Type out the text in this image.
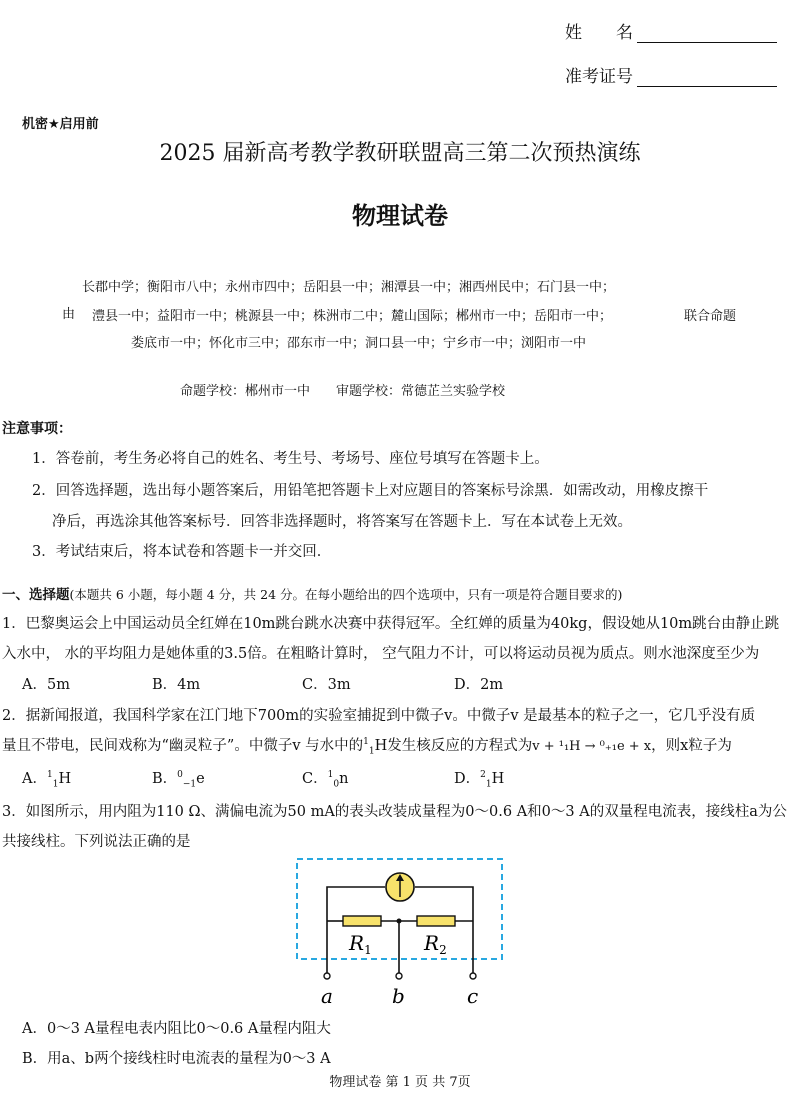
姓　　名
准考证号
机密★启用前
2025 届新高考教学教研联盟高三第二次预热演练
物理试卷
长郡中学；衡阳市八中；永州市四中；岳阳县一中；湘潭县一中；湘西州民中；石门县一中；
由 澧县一中；益阳市一中；桃源县一中；株洲市二中；麓山国际；郴州市一中；岳阳市一中；	联合命题
娄底市一中；怀化市三中；邵东市一中；洞口县一中；宁乡市一中；浏阳市一中
命题学校：郴州市一中　　审题学校：常德芷兰实验学校
注意事项：
1．答卷前，考生务必将自己的姓名、考生号、考场号、座位号填写在答题卡上。
2．回答选择题，选出每小题答案后，用铅笔把答题卡上对应题目的答案标号涂黑．如需改动，用橡皮擦干
净后，再选涂其他答案标号．回答非选择题时，将答案写在答题卡上．写在本试卷上无效。
3．考试结束后，将本试卷和答题卡一并交回．
一、选择题(本题共 6 小题，每小题 4 分，共 24 分。在每小题给出的四个选项中，只有一项是符合题目要求的)
1．巴黎奥运会上中国运动员全红婵在10m跳台跳水决赛中获得冠军。全红婵的质量为40kg，假设她从10m跳台由静止跳
入水中， 水的平均阻力是她体重的3.5倍。在粗略计算时， 空气阻力不计，可以将运动员视为质点。则水池深度至少为
A．5m	B．4m	C．3m	D．2m
2．据新闻报道，我国科学家在江门地下700m的实验室捕捉到中微子v。中微子v 是最基本的粒子之一，它几乎没有质
量且不带电，民间戏称为“幽灵粒子”。中微子v 与水中的$^1_1$H发生核反应的方程式为v + ¹₁H → ⁰₊₁e + x，则x粒子为
A．$^1_1$H	B．$^0_{-1}$e	C．$^1_0$n	D．$^2_1$H
3．如图所示，用内阻为110 Ω、满偏电流为50 mA的表头改装成量程为0～0.6 A和0～3 A的双量程电流表，接线柱a为公
共接线柱。下列说法正确的是
$R_1$	$R_2$
a	b	c
A．0～3 A量程电表内阻比0～0.6 A量程内阻大
B．用a、b两个接线柱时电流表的量程为0～3 A
物理试卷 第 1 页 共 7页
